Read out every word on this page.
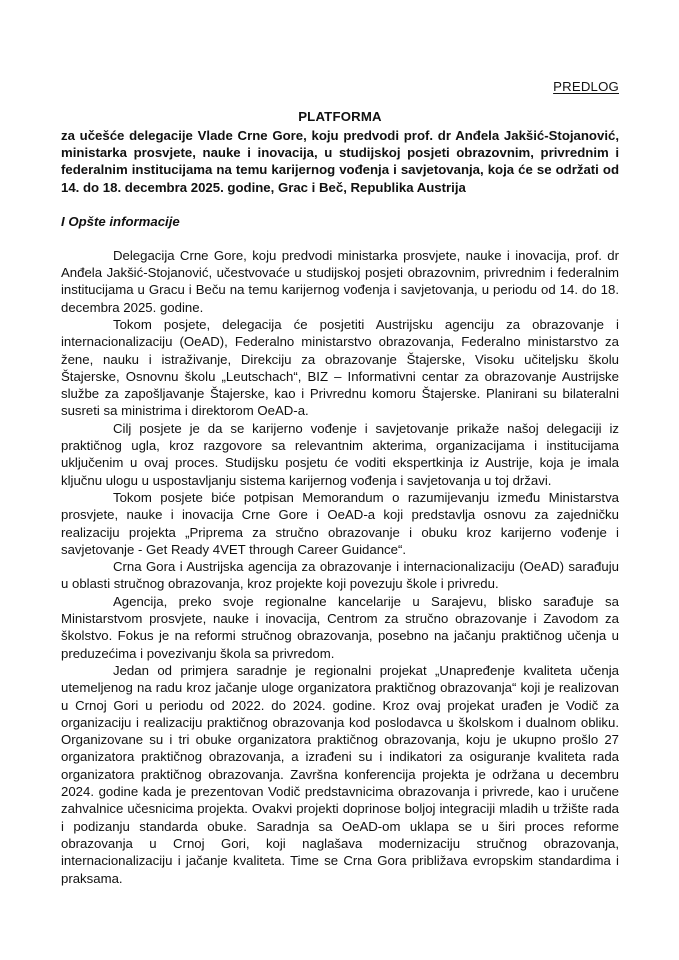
PREDLOG
PLATFORMA
za učešće delegacije Vlade Crne Gore, koju predvodi prof. dr Anđela Jakšić-Stojanović, ministarka prosvjete, nauke i inovacija, u studijskoj posjeti obrazovnim, privrednim i federalnim institucijama na temu karijernog vođenja i savjetovanja, koja će se održati od 14. do 18. decembra 2025. godine, Grac i Beč, Republika Austrija
I Opšte informacije

Delegacija Crne Gore, koju predvodi ministarka prosvjete, nauke i inovacija, prof. dr Anđela Jakšić-Stojanović, učestvovaće u studijskoj posjeti obrazovnim, privrednim i federalnim institucijama u Gracu i Beču na temu karijernog vođenja i savjetovanja, u periodu od 14. do 18. decembra 2025. godine.

Tokom posjete, delegacija će posjetiti Austrijsku agenciju za obrazovanje i internacionalizaciju (OeAD), Federalno ministarstvo obrazovanja, Federalno ministarstvo za žene, nauku i istraživanje, Direkciju za obrazovanje Štajerske, Visoku učiteljsku školu Štajerske, Osnovnu školu „Leutschach“, BIZ – Informativni centar za obrazovanje Austrijske službe za zapošljavanje Štajerske, kao i Privrednu komoru Štajerske. Planirani su bilateralni susreti sa ministrima i direktorom OeAD-a.

Cilj posjete je da se karijerno vođenje i savjetovanje prikaže našoj delegaciji iz praktičnog ugla, kroz razgovore sa relevantnim akterima, organizacijama i institucijama uključenim u ovaj proces. Studijsku posjetu će voditi ekspertkinja iz Austrije, koja je imala ključnu ulogu u uspostavljanju sistema karijernog vođenja i savjetovanja u toj državi.

Tokom posjete biće potpisan Memorandum o razumijevanju između Ministarstva prosvjete, nauke i inovacija Crne Gore i OeAD-a koji predstavlja osnovu za zajedničku realizaciju projekta „Priprema za stručno obrazovanje i obuku kroz karijerno vođenje i savjetovanje - Get Ready 4VET through Career Guidance“.

Crna Gora i Austrijska agencija za obrazovanje i internacionalizaciju (OeAD) sarađuju u oblasti stručnog obrazovanja, kroz projekte koji povezuju škole i privredu.

Agencija, preko svoje regionalne kancelarije u Sarajevu, blisko sarađuje sa Ministarstvom prosvjete, nauke i inovacija, Centrom za stručno obrazovanje i Zavodom za školstvo. Fokus je na reformi stručnog obrazovanja, posebno na jačanju praktičnog učenja u preduzećima i povezivanju škola sa privredom.

Jedan od primjera saradnje je regionalni projekat „Unapređenje kvaliteta učenja utemeljenog na radu kroz jačanje uloge organizatora praktičnog obrazovanja“ koji je realizovan u Crnoj Gori u periodu od 2022. do 2024. godine. Kroz ovaj projekat urađen je Vodič za organizaciju i realizaciju praktičnog obrazovanja kod poslodavca u školskom i dualnom obliku. Organizovane su i tri obuke organizatora praktičnog obrazovanja, koju je ukupno prošlo 27 organizatora praktičnog obrazovanja, a izrađeni su i indikatori za osiguranje kvaliteta rada organizatora praktičnog obrazovanja. Završna konferencija projekta je održana u decembru 2024. godine kada je prezentovan Vodič predstavnicima obrazovanja i privrede, kao i uručene zahvalnice učesnicima projekta. Ovakvi projekti doprinose boljoj integraciji mladih u tržište rada i podizanju standarda obuke. Saradnja sa OeAD-om uklapa se u širi proces reforme obrazovanja u Crnoj Gori, koji naglašava modernizaciju stručnog obrazovanja, internacionalizaciju i jačanje kvaliteta. Time se Crna Gora približava evropskim standardima i praksama.
